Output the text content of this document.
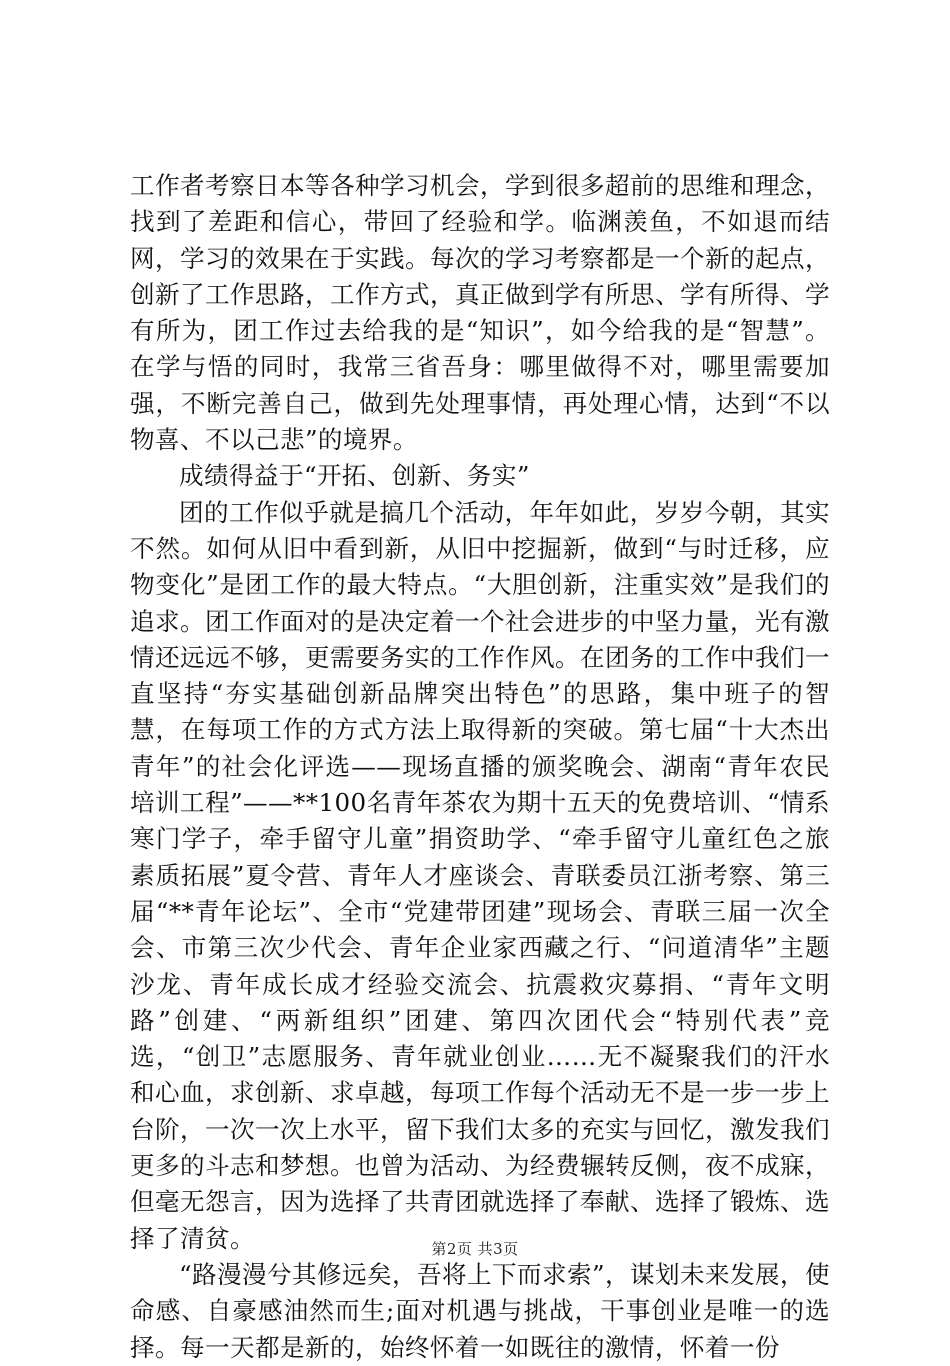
工作者考察日本等各种学习机会，学到很多超前的思维和理念，找到了差距和信心，带回了经验和学。临渊羡鱼，不如退而结网，学习的效果在于实践。每次的学习考察都是一个新的起点，创新了工作思路，工作方式，真正做到学有所思、学有所得、学有所为，团工作过去给我的是“知识”，如今给我的是“智慧”。在学与悟的同时，我常三省吾身：哪里做得不对，哪里需要加强，不断完善自己，做到先处理事情，再处理心情，达到“不以物喜、不以己悲”的境界。

成绩得益于“开拓、创新、务实”

团的工作似乎就是搞几个活动，年年如此，岁岁今朝，其实不然。如何从旧中看到新，从旧中挖掘新，做到“与时迁移，应物变化”是团工作的最大特点。“大胆创新，注重实效”是我们的追求。团工作面对的是决定着一个社会进步的中坚力量，光有激情还远远不够，更需要务实的工作作风。在团务的工作中我们一直坚持“夯实基础创新品牌突出特色”的思路，集中班子的智慧，在每项工作的方式方法上取得新的突破。第七届“十大杰出青年”的社会化评选——现场直播的颁奖晚会、湖南“青年农民培训工程”——**100名青年茶农为期十五天的免费培训、“情系寒门学子，牵手留守儿童”捐资助学、“牵手留守儿童红色之旅素质拓展”夏令营、青年人才座谈会、青联委员江浙考察、第三届“**青年论坛”、全市“党建带团建”现场会、青联三届一次全会、市第三次少代会、青年企业家西藏之行、“问道清华”主题沙龙、青年成长成才经验交流会、抗震救灾募捐、“青年文明路”创建、“两新组织”团建、第四次团代会“特别代表”竞选，“创卫”志愿服务、青年就业创业……无不凝聚我们的汗水和心血，求创新、求卓越，每项工作每个活动无不是一步一步上台阶，一次一次上水平，留下我们太多的充实与回忆，激发我们更多的斗志和梦想。也曾为活动、为经费辗转反侧，夜不成寐，但毫无怨言，因为选择了共青团就选择了奉献、选择了锻炼、选择了清贫。

“路漫漫兮其修远矣，吾将上下而求索”，谋划未来发展，使命感、自豪感油然而生;面对机遇与挑战，干事创业是唯一的选择。每一天都是新的，始终怀着一如既往的激情，怀着一份

第2页 共3页
